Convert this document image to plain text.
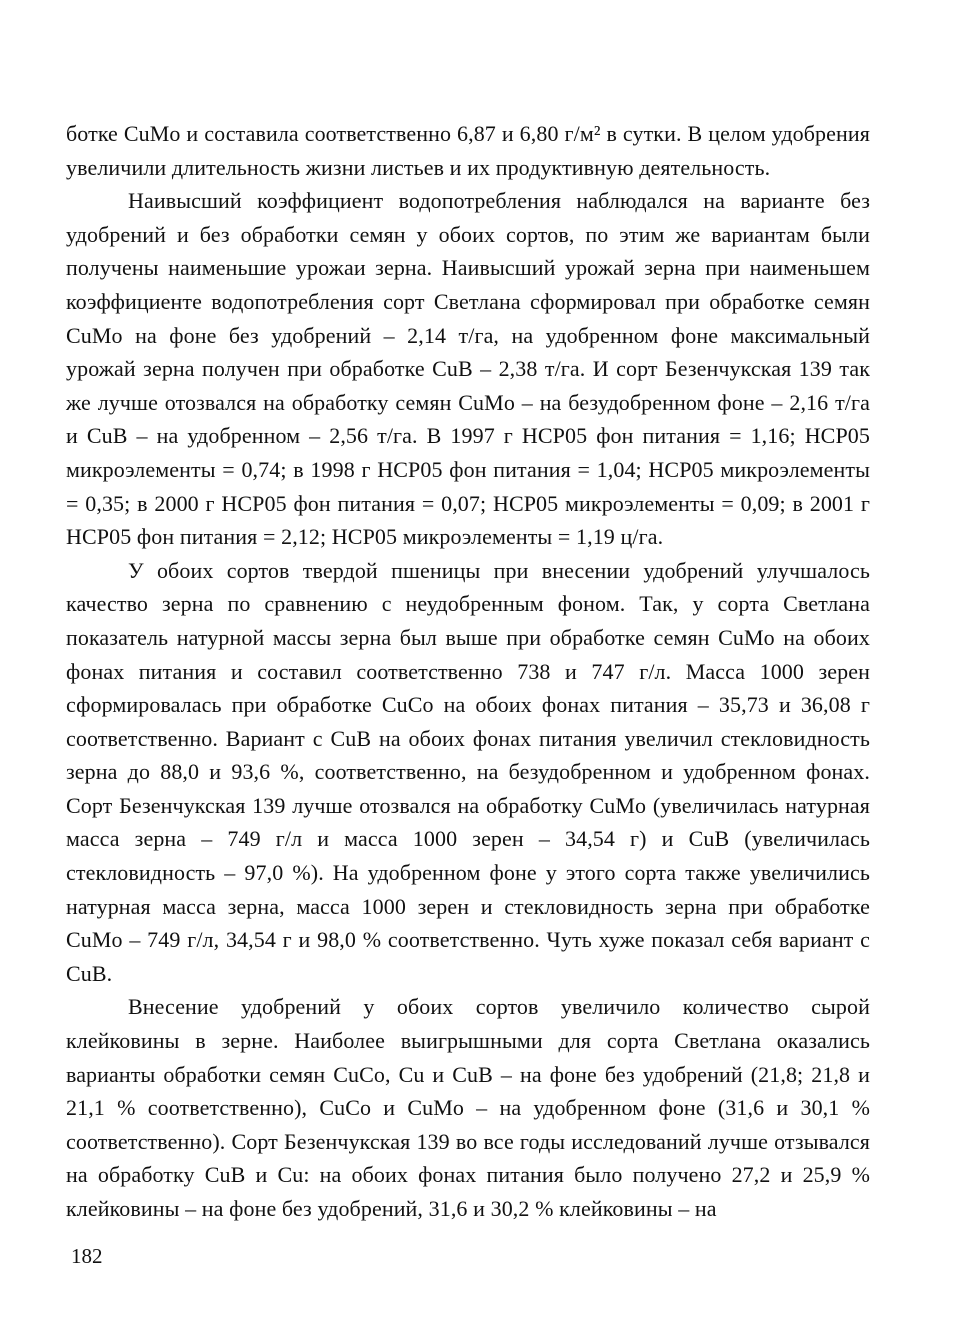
ботке CuMo и составила соответственно 6,87 и 6,80 г/м² в сутки. В целом удобрения увеличили длительность жизни листьев и их продуктивную деятельность.

Наивысший коэффициент водопотребления наблюдался на варианте без удобрений и без обработки семян у обоих сортов, по этим же вариантам были получены наименьшие урожаи зерна. Наивысший урожай зерна при наименьшем коэффициенте водопотребления сорт Светлана сформировал при обработке семян CuMo на фоне без удобрений – 2,14 т/га, на удобренном фоне максимальный урожай зерна получен при обработке CuB – 2,38 т/га. И сорт Безенчукская 139 так же лучше отозвался на обработку семян CuMo – на безудобренном фоне – 2,16 т/га и CuB – на удобренном – 2,56 т/га. В 1997 г НСР05 фон питания = 1,16; НСР05 микроэлементы = 0,74; в 1998 г НСР05 фон питания = 1,04; НСР05 микроэлементы = 0,35; в 2000 г НСР05 фон питания = 0,07; НСР05 микроэлементы = 0,09; в 2001 г НСР05 фон питания = 2,12; НСР05 микроэлементы = 1,19 ц/га.

У обоих сортов твердой пшеницы при внесении удобрений улучшалось качество зерна по сравнению с неудобренным фоном. Так, у сорта Светлана показатель натурной массы зерна был выше при обработке семян CuMo на обоих фонах питания и составил соответственно 738 и 747 г/л. Масса 1000 зерен сформировалась при обработке CuCo на обоих фонах питания – 35,73 и 36,08 г соответственно. Вариант с CuB на обоих фонах питания увеличил стекловидность зерна до 88,0 и 93,6 %, соответственно, на безудобренном и удобренном фонах. Сорт Безенчукская 139 лучше отозвался на обработку CuMo (увеличилась натурная масса зерна – 749 г/л и масса 1000 зерен – 34,54 г) и CuB (увеличилась стекловидность – 97,0 %). На удобренном фоне у этого сорта также увеличились натурная масса зерна, масса 1000 зерен и стекловидность зерна при обработке CuMo – 749 г/л, 34,54 г и 98,0 % соответственно. Чуть хуже показал себя вариант с CuB.

Внесение удобрений у обоих сортов увеличило количество сырой клейковины в зерне. Наиболее выигрышными для сорта Светлана оказались варианты обработки семян CuCo, Cu и CuB – на фоне без удобрений (21,8; 21,8 и 21,1 % соответственно), CuCo и CuMo – на удобренном фоне (31,6 и 30,1 % соответственно). Сорт Безенчукская 139 во все годы исследований лучше отзывался на обработку CuB и Cu: на обоих фонах питания было получено 27,2 и 25,9 % клейковины – на фоне без удобрений, 31,6 и 30,2 % клейковины – на

182
